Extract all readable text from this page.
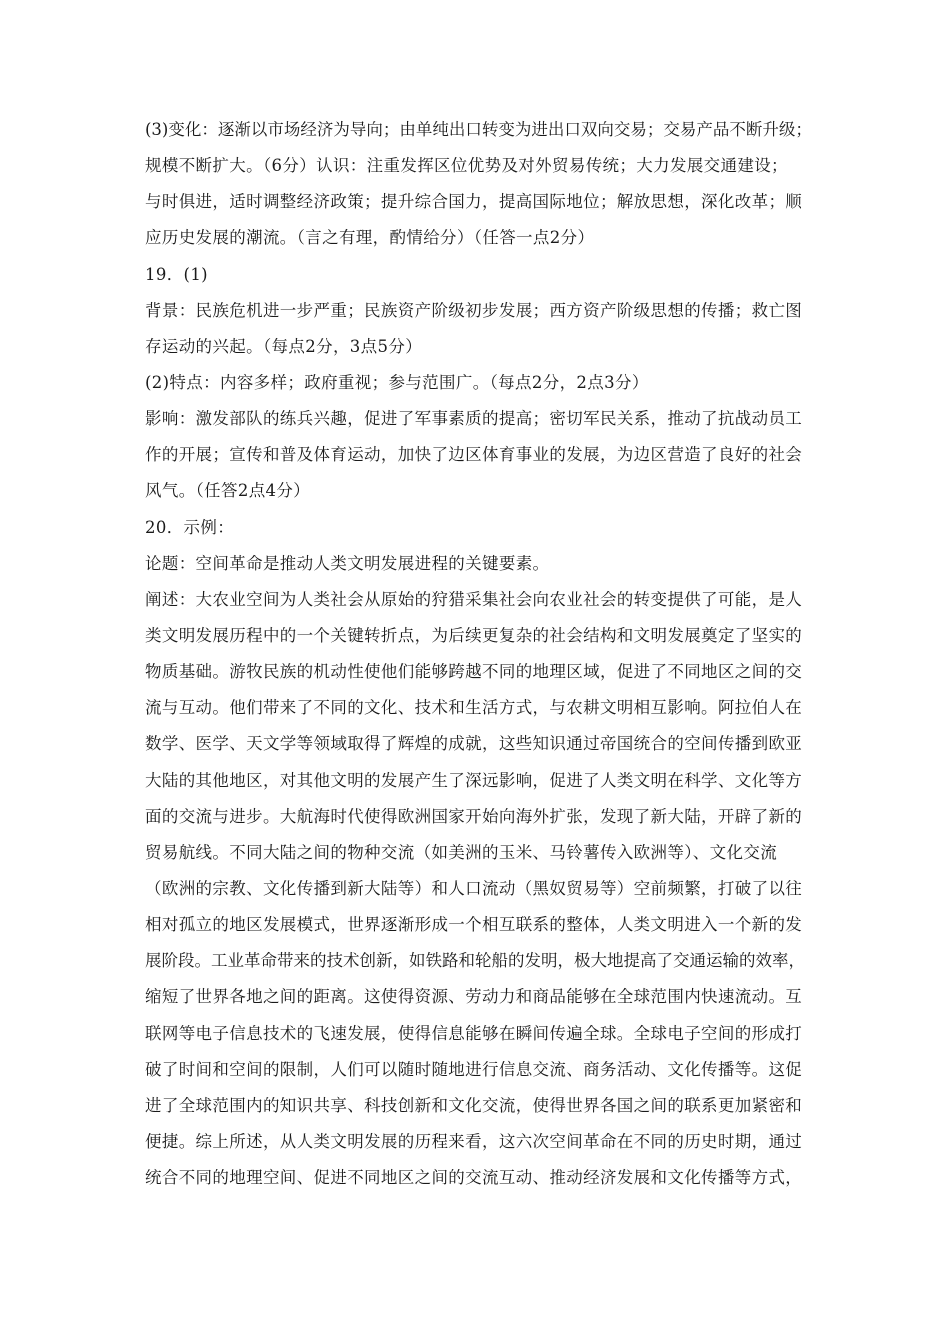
(3)变化：逐渐以市场经济为导向；由单纯出口转变为进出口双向交易；交易产品不断升级；
规模不断扩大。（6分）认识：注重发挥区位优势及对外贸易传统；大力发展交通建设；
与时俱进，适时调整经济政策；提升综合国力，提高国际地位；解放思想，深化改革；顺
应历史发展的潮流。（言之有理，酌情给分）（任答一点2分）
19．(1)
背景：民族危机进一步严重；民族资产阶级初步发展；西方资产阶级思想的传播；救亡图
存运动的兴起。（每点2分，3点5分）
(2)特点：内容多样；政府重视；参与范围广。（每点2分，2点3分）
影响：激发部队的练兵兴趣，促进了军事素质的提高；密切军民关系，推动了抗战动员工
作的开展；宣传和普及体育运动，加快了边区体育事业的发展，为边区营造了良好的社会
风气。（任答2点4分）
20．示例：
论题：空间革命是推动人类文明发展进程的关键要素。
阐述：大农业空间为人类社会从原始的狩猎采集社会向农业社会的转变提供了可能，是人
类文明发展历程中的一个关键转折点，为后续更复杂的社会结构和文明发展奠定了坚实的
物质基础。游牧民族的机动性使他们能够跨越不同的地理区域，促进了不同地区之间的交
流与互动。他们带来了不同的文化、技术和生活方式，与农耕文明相互影响。阿拉伯人在
数学、医学、天文学等领域取得了辉煌的成就，这些知识通过帝国统合的空间传播到欧亚
大陆的其他地区，对其他文明的发展产生了深远影响，促进了人类文明在科学、文化等方
面的交流与进步。大航海时代使得欧洲国家开始向海外扩张，发现了新大陆，开辟了新的
贸易航线。不同大陆之间的物种交流（如美洲的玉米、马铃薯传入欧洲等）、文化交流
（欧洲的宗教、文化传播到新大陆等）和人口流动（黑奴贸易等）空前频繁，打破了以往
相对孤立的地区发展模式，世界逐渐形成一个相互联系的整体，人类文明进入一个新的发
展阶段。工业革命带来的技术创新，如铁路和轮船的发明，极大地提高了交通运输的效率，
缩短了世界各地之间的距离。这使得资源、劳动力和商品能够在全球范围内快速流动。互
联网等电子信息技术的飞速发展，使得信息能够在瞬间传遍全球。全球电子空间的形成打
破了时间和空间的限制，人们可以随时随地进行信息交流、商务活动、文化传播等。这促
进了全球范围内的知识共享、科技创新和文化交流，使得世界各国之间的联系更加紧密和
便捷。综上所述，从人类文明发展的历程来看，这六次空间革命在不同的历史时期，通过
统合不同的地理空间、促进不同地区之间的交流互动、推动经济发展和文化传播等方式，
